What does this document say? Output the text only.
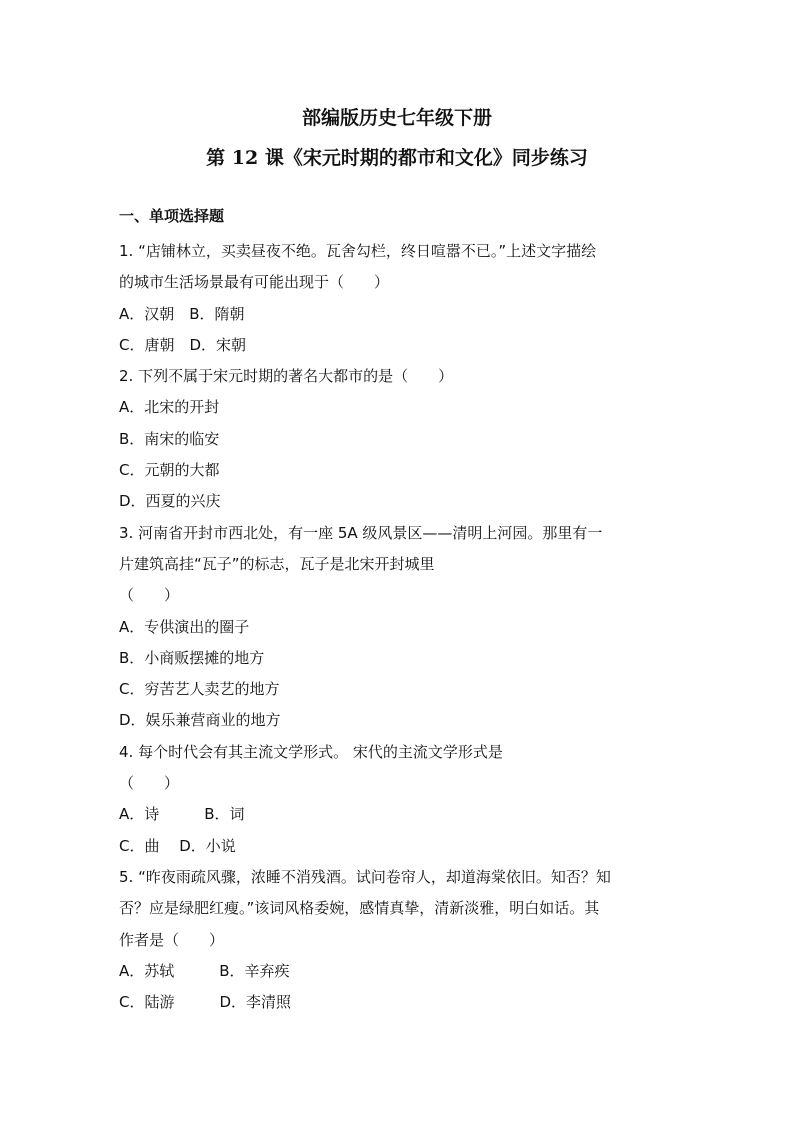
部编版历史七年级下册
第 12 课《宋元时期的都市和文化》同步练习
一、单项选择题
1. “店铺林立，买卖昼夜不绝。瓦舍勾栏，终日喧嚣不已。”上述文字描绘
的城市生活场景最有可能出现于（　　）
A．汉朝　B．隋朝
C．唐朝　D．宋朝
2. 下列不属于宋元时期的著名大都市的是（　　）
A．北宋的开封
B．南宋的临安
C．元朝的大都
D．西夏的兴庆
3. 河南省开封市西北处，有一座 5A 级风景区——清明上河园。那里有一
片建筑高挂“瓦子”的标志，瓦子是北宋开封城里
（　　）
A．专供演出的圈子
B．小商贩摆摊的地方
C．穷苦艺人卖艺的地方
D．娱乐兼营商业的地方
4. 每个时代会有其主流文学形式。 宋代的主流文学形式是
（　　）
A．诗　　　B．词
C．曲　 D．小说
5. “昨夜雨疏风骤，浓睡不消残酒。试问卷帘人，却道海棠依旧。知否？知
否？应是绿肥红瘦。”该词风格委婉，感情真挚，清新淡雅，明白如话。其
作者是（　　）
A．苏轼　　　B．辛弃疾
C．陆游　　　D．李清照
